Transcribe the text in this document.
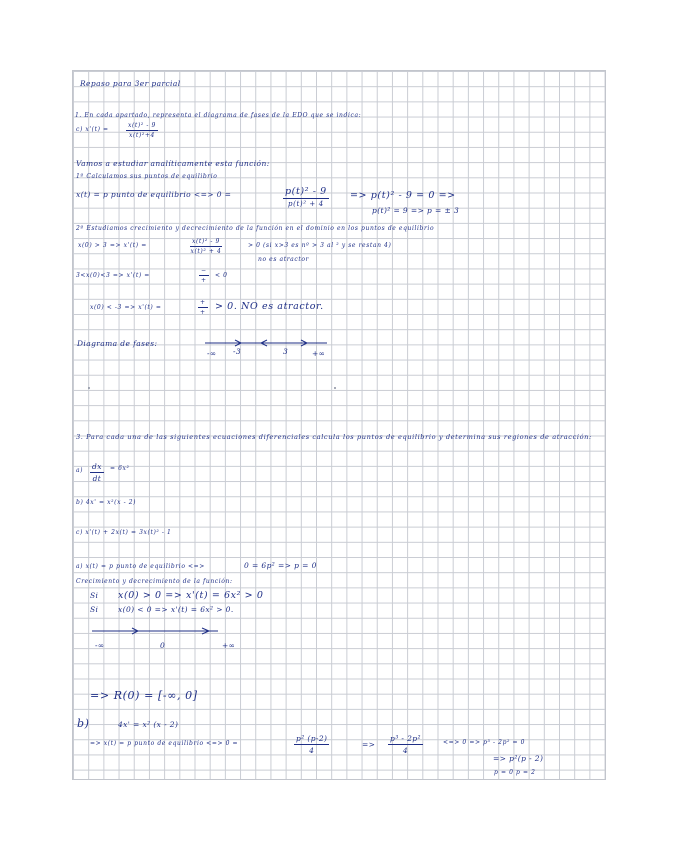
Repaso para 3er parcial
1. En cada apartado, representa el diagrama de fases de la EDO que se indica:
c) x'(t) =	$\frac{\text{x(t)² - 9}}{\text{x(t)²+4}}$
Vamos a estudiar analíticamente esta función:
1º Calculamos sus puntos de equilibrio
x(t) = p punto de equilibrio <=> 0 =	p(t)² - 9
p(t)² + 4
=> p(t)² - 9 = 0 =>
p(t)² = 9 => p = ± 3
2º Estudiamos crecimiento y decrecimiento de la función en el dominio en los puntos de equilibrio
x(0) > 3 => x'(t) =	$\frac{\text{x(t)² - 9}}{\text{x(t)² + 4}}$	> 0 (si x>3 es nº > 3 al ² y se restan 4)
no es atractor
3<x(0)<3 => x'(t) =
−
+
< 0
x(0) < -3 => x'(t) =
+
+
> 0. NO es atractor.
Diagrama de fases:
-∞ -3	3	+∞
3. Para cada una de las siguientes ecuaciones diferenciales calcula los puntos de equilibrio y determina sus regiones de atracción:
$a) \frac{dx}{dt} = 6x^2$
b) 4x' = x²(x - 2)
c) x'(t) + 2x(t) = 3x(t)² - 1
a) x(t) = p punto de equilibrio <=>	0 = 6p² => p = 0
Crecimiento y decrecimiento de la función:
Si x(0) > 0 => x'(t) = 6x² > 0
Si	x(0) < 0 => x'(t) = 6x² > 0.
-∞	0	+∞
=> R(0) = [-∞, 0]
b)	4x' = x² (x - 2)
=> x(t) = p punto de equilibrio <=> 0 =	$\frac{\text{p² (p-2)}}{4}$	=> $\frac{\text{p³ - 2p²}}{4}$	<=> 0 => p³ - 2p² = 0
=> p²(p - 2)
p = 0 p = 2
